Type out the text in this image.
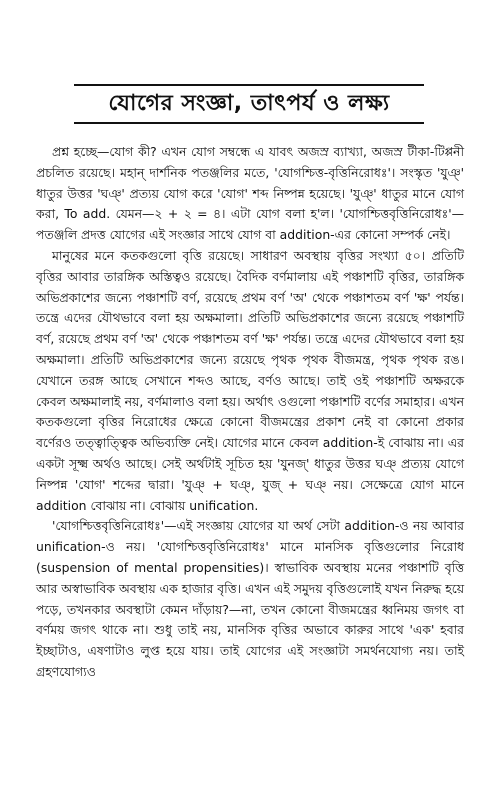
যোগের সংজ্ঞা, তাৎপর্য ও লক্ষ্য

প্রশ্ন হচ্ছে—যোগ কী? এখন যোগ সম্বন্ধে এ যাবৎ অজস্র ব্যাখ্যা, অজস্র টীকা-টিপ্পনী প্রচলিত রয়েছে। মহান্ দার্শনিক পতঞ্জলির মতে, 'যোগশ্চিত্ত-বৃত্তিনিরোধঃ'। সংস্কৃত 'যুঞ্' ধাতুর উত্তর 'ঘঞ্' প্রত্যয় যোগ করে 'যোগ' শব্দ নিষ্পন্ন হয়েছে। 'যুঞ্' ধাতুর মানে যোগ করা, To add. যেমন—২ + ২ = ৪। এটা যোগ বলা হ'ল। 'যোগশ্চিত্তবৃত্তিনিরোধঃ'—পতঞ্জলি প্রদত্ত যোগের এই সংজ্ঞার সাথে যোগ বা addition-এর কোনো সম্পর্ক নেই।

মানুষের মনে কতকগুলো বৃত্তি রয়েছে। সাধারণ অবস্থায় বৃত্তির সংখ্যা ৫০। প্রতিটি বৃত্তির আবার তারঙ্গিক অস্তিত্বও রয়েছে। বৈদিক বর্ণমালায় এই পঞ্চাশটি বৃত্তির, তারঙ্গিক অভিপ্রকাশের জন্যে পঞ্চাশটি বর্ণ, রয়েছে প্রথম বর্ণ 'অ' থেকে পঞ্চাশতম বর্ণ 'ক্ষ' পর্যন্ত। তন্ত্রে এদের যৌথভাবে বলা হয় অক্ষমালা। প্রতিটি অভিপ্রকাশের জন্যে রয়েছে পঞ্চাশটি বর্ণ, রয়েছে প্রথম বর্ণ 'অ' থেকে পঞ্চাশতম বর্ণ 'ক্ষ' পর্যন্ত। তন্ত্রে এদের যৌথভাবে বলা হয় অক্ষমালা। প্রতিটি অভিপ্রকাশের জন্যে রয়েছে পৃথক পৃথক বীজমন্ত্র, পৃথক পৃথক রঙ। যেখানে তরঙ্গ আছে সেখানে শব্দও আছে, বর্ণও আছে। তাই ওই পঞ্চাশটি অক্ষরকে কেবল অক্ষমালাই নয়, বর্ণমালাও বলা হয়। অর্থাৎ ওগুলো পঞ্চাশটি বর্ণের সমাহার। এখন কতকগুলো বৃত্তির নিরোধের ক্ষেত্রে কোনো বীজমন্ত্রের প্রকাশ নেই বা কোনো প্রকার বর্ণেরও তত্ত্বাত্ত্বিক অভিব্যক্তি নেই। যোগের মানে কেবল addition-ই বোঝায় না। এর একটা সূক্ষ্ম অর্থও আছে। সেই অর্থটাই সূচিত হয় 'যুনজ্' ধাতুর উত্তর ঘঞ্ প্রত্যয় যোগে নিষ্পন্ন 'যোগ' শব্দের দ্বারা। 'যুঞ্ + ঘঞ্, যুজ্ + ঘঞ্ নয়। সেক্ষেত্রে যোগ মানে addition বোঝায় না। বোঝায় unification.

'যোগশ্চিত্তবৃত্তিনিরোধঃ'—এই সংজ্ঞায় যোগের যা অর্থ সেটা addition-ও নয় আবার unification-ও নয়। 'যোগশ্চিত্তবৃত্তিনিরোধঃ' মানে মানসিক বৃত্তিগুলোর নিরোধ (suspension of mental propensities)। স্বাভাবিক অবস্থায় মনের পঞ্চাশটি বৃত্তি আর অস্বাভাবিক অবস্থায় এক হাজার বৃত্তি। এখন এই সমুদয় বৃত্তিগুলোই যখন নিরুদ্ধ হয়ে পড়ে, তখনকার অবস্থাটা কেমন দাঁড়ায়?—না, তখন কোনো বীজমন্ত্রের ধ্বনিময় জগৎ বা বর্ণময় জগৎ থাকে না। শুধু তাই নয়, মানসিক বৃত্তির অভাবে কারুর সাথে 'এক' হবার ইচ্ছাটাও, এষণাটাও লুপ্ত হয়ে যায়। তাই যোগের এই সংজ্ঞাটা সমর্থনযোগ্য নয়। তাই গ্রহণযোগ্যও
